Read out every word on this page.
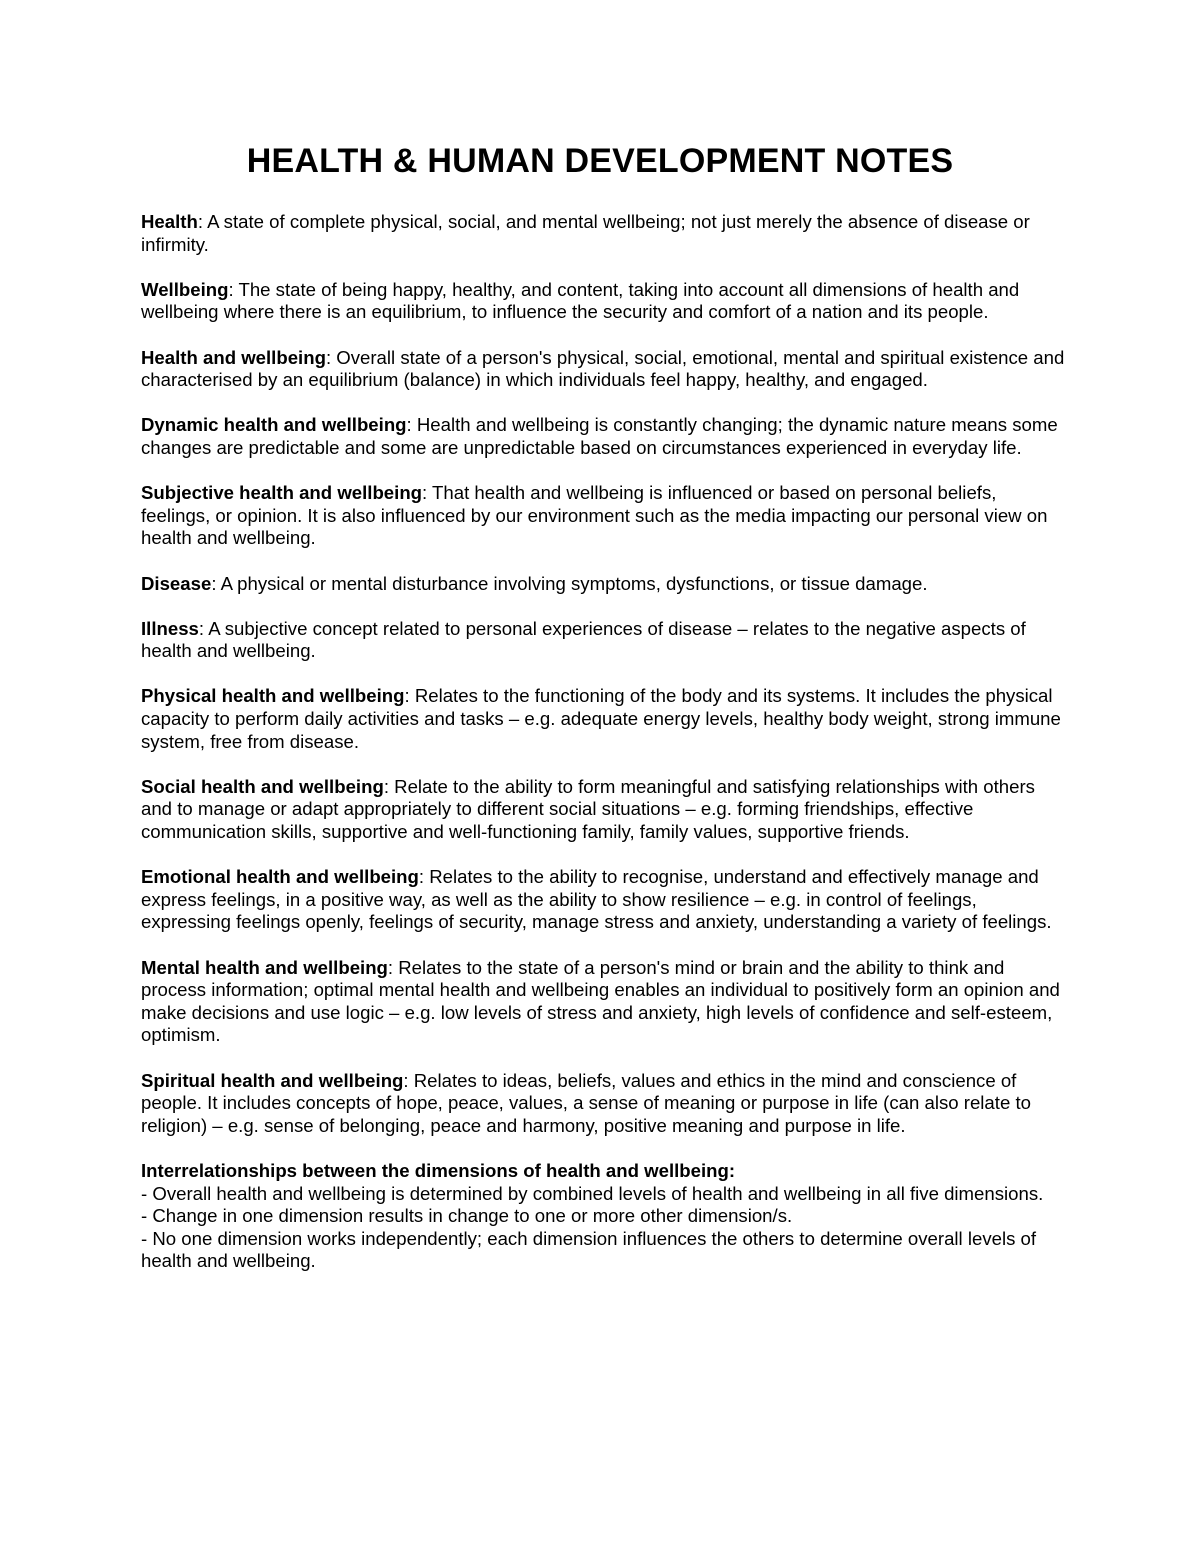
HEALTH & HUMAN DEVELOPMENT NOTES

Health: A state of complete physical, social, and mental wellbeing; not just merely the absence of disease or infirmity.

Wellbeing: The state of being happy, healthy, and content, taking into account all dimensions of health and wellbeing where there is an equilibrium, to influence the security and comfort of a nation and its people.

Health and wellbeing: Overall state of a person's physical, social, emotional, mental and spiritual existence and characterised by an equilibrium (balance) in which individuals feel happy, healthy, and engaged.

Dynamic health and wellbeing: Health and wellbeing is constantly changing; the dynamic nature means some changes are predictable and some are unpredictable based on circumstances experienced in everyday life.

Subjective health and wellbeing: That health and wellbeing is influenced or based on personal beliefs, feelings, or opinion. It is also influenced by our environment such as the media impacting our personal view on health and wellbeing.

Disease: A physical or mental disturbance involving symptoms, dysfunctions, or tissue damage.

Illness: A subjective concept related to personal experiences of disease – relates to the negative aspects of health and wellbeing.

Physical health and wellbeing: Relates to the functioning of the body and its systems. It includes the physical capacity to perform daily activities and tasks – e.g. adequate energy levels, healthy body weight, strong immune system, free from disease.

Social health and wellbeing: Relate to the ability to form meaningful and satisfying relationships with others and to manage or adapt appropriately to different social situations – e.g. forming friendships, effective communication skills, supportive and well-functioning family, family values, supportive friends.

Emotional health and wellbeing: Relates to the ability to recognise, understand and effectively manage and express feelings, in a positive way, as well as the ability to show resilience – e.g. in control of feelings, expressing feelings openly, feelings of security, manage stress and anxiety, understanding a variety of feelings.

Mental health and wellbeing: Relates to the state of a person's mind or brain and the ability to think and process information; optimal mental health and wellbeing enables an individual to positively form an opinion and make decisions and use logic – e.g. low levels of stress and anxiety, high levels of confidence and self-esteem, optimism.

Spiritual health and wellbeing: Relates to ideas, beliefs, values and ethics in the mind and conscience of people. It includes concepts of hope, peace, values, a sense of meaning or purpose in life (can also relate to religion) – e.g. sense of belonging, peace and harmony, positive meaning and purpose in life.

Interrelationships between the dimensions of health and wellbeing:

- Overall health and wellbeing is determined by combined levels of health and wellbeing in all five dimensions.

- Change in one dimension results in change to one or more other dimension/s.

- No one dimension works independently; each dimension influences the others to determine overall levels of health and wellbeing.
